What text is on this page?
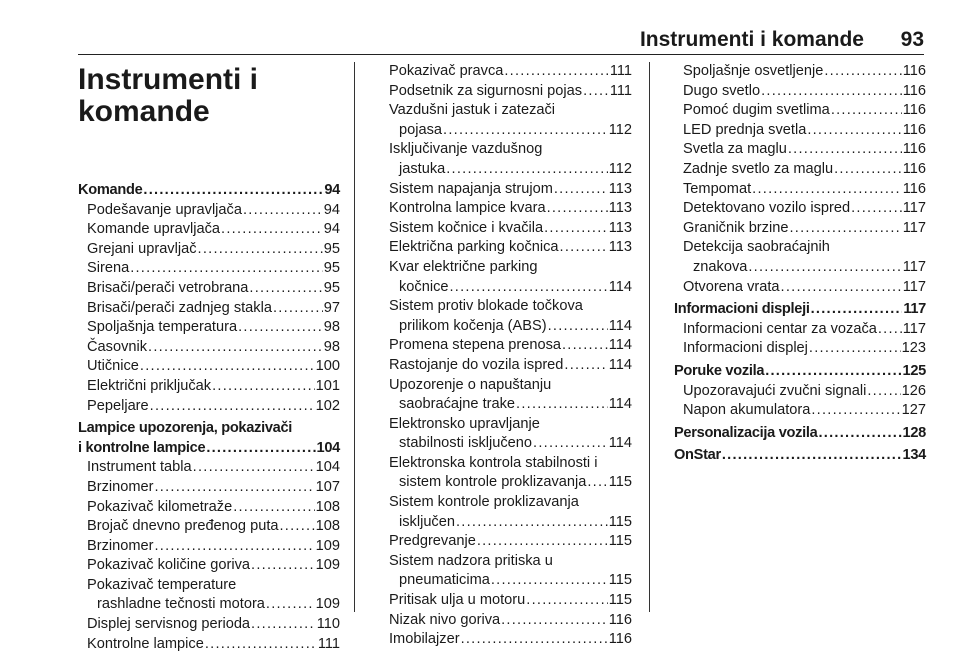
Instrumenti i komande 93
Instrumenti i
komande
Komande . . .	94
Podešavanje upravljača . . .	94
Komande upravljača . . .	94
Grejani upravljač . . .	95
Sirena . . .	95
Brisači/perači vetrobrana . . .	95
Brisači/perači zadnjeg stakla . . .	97
Spoljašnja temperatura . . .	98
Časovnik . . .	98
Utičnice . . .	100
Električni priključak . . .	101
Pepeljare . . .	102
Lampice upozorenja, pokazivači
i kontrolne lampice . . .	104
Instrument tabla . . .	104
Brzinomer . . .	107
Pokazivač kilometraže . . .	108
Brojač dnevno pređenog puta . . .	108
Brzinomer . . .	109
Pokazivač količine goriva . . .	109
Pokazivač temperature
rashladne tečnosti motora . . .	109
Displej servisnog perioda . . .	110
Kontrolne lampice . . .	111
Pokazivač pravca . . .	111
Podsetnik za sigurnosni pojas . . . 111
Vazdušni jastuk i zatezači
pojasa . . .	112
Isključivanje vazdušnog
jastuka . . .	112
Sistem napajanja strujom . . .	113
Kontrolna lampice kvara . . .	113
Sistem kočnice i kvačila . . .	113
Električna parking kočnica . . .	113
Kvar električne parking
kočnice . . .	114
Sistem protiv blokade točkova
prilikom kočenja (ABS) . . .	114
Promena stepena prenosa . . .	114
Rastojanje do vozila ispred . . .	114
Upozorenje o napuštanju
saobraćajne trake . . .	114
Elektronsko upravljanje
stabilnosti isključeno . . .	114
Elektronska kontrola stabilnosti i
sistem kontrole proklizavanja . . . 115
Sistem kontrole proklizavanja
isključen . . .	115
Predgrevanje . . .	115
Sistem nadzora pritiska u
pneumaticima . . .	115
Pritisak ulja u motoru . . .	115
Nizak nivo goriva . . .	116
Imobilajzer . . .	116
Spoljašnje osvetljenje . . .	116
Dugo svetlo . . .	116
Pomoć dugim svetlima . . .	116
LED prednja svetla . . .	116
Svetla za maglu . . .	116
Zadnje svetlo za maglu . . .	116
Tempomat . . .	116
Detektovano vozilo ispred . . .	117
Graničnik brzine . . .	117
Detekcija saobraćajnih
znakova . . .	117
Otvorena vrata . . .	117
Informacioni displeji . . .	117
Informacioni centar za vozača . . . 117
Informacioni displej . . .	123
Poruke vozila . . .	125
Upozoravajući zvučni signali . . . 126
Napon akumulatora . . .	127
Personalizacija vozila . . .	128
OnStar . . .	134
